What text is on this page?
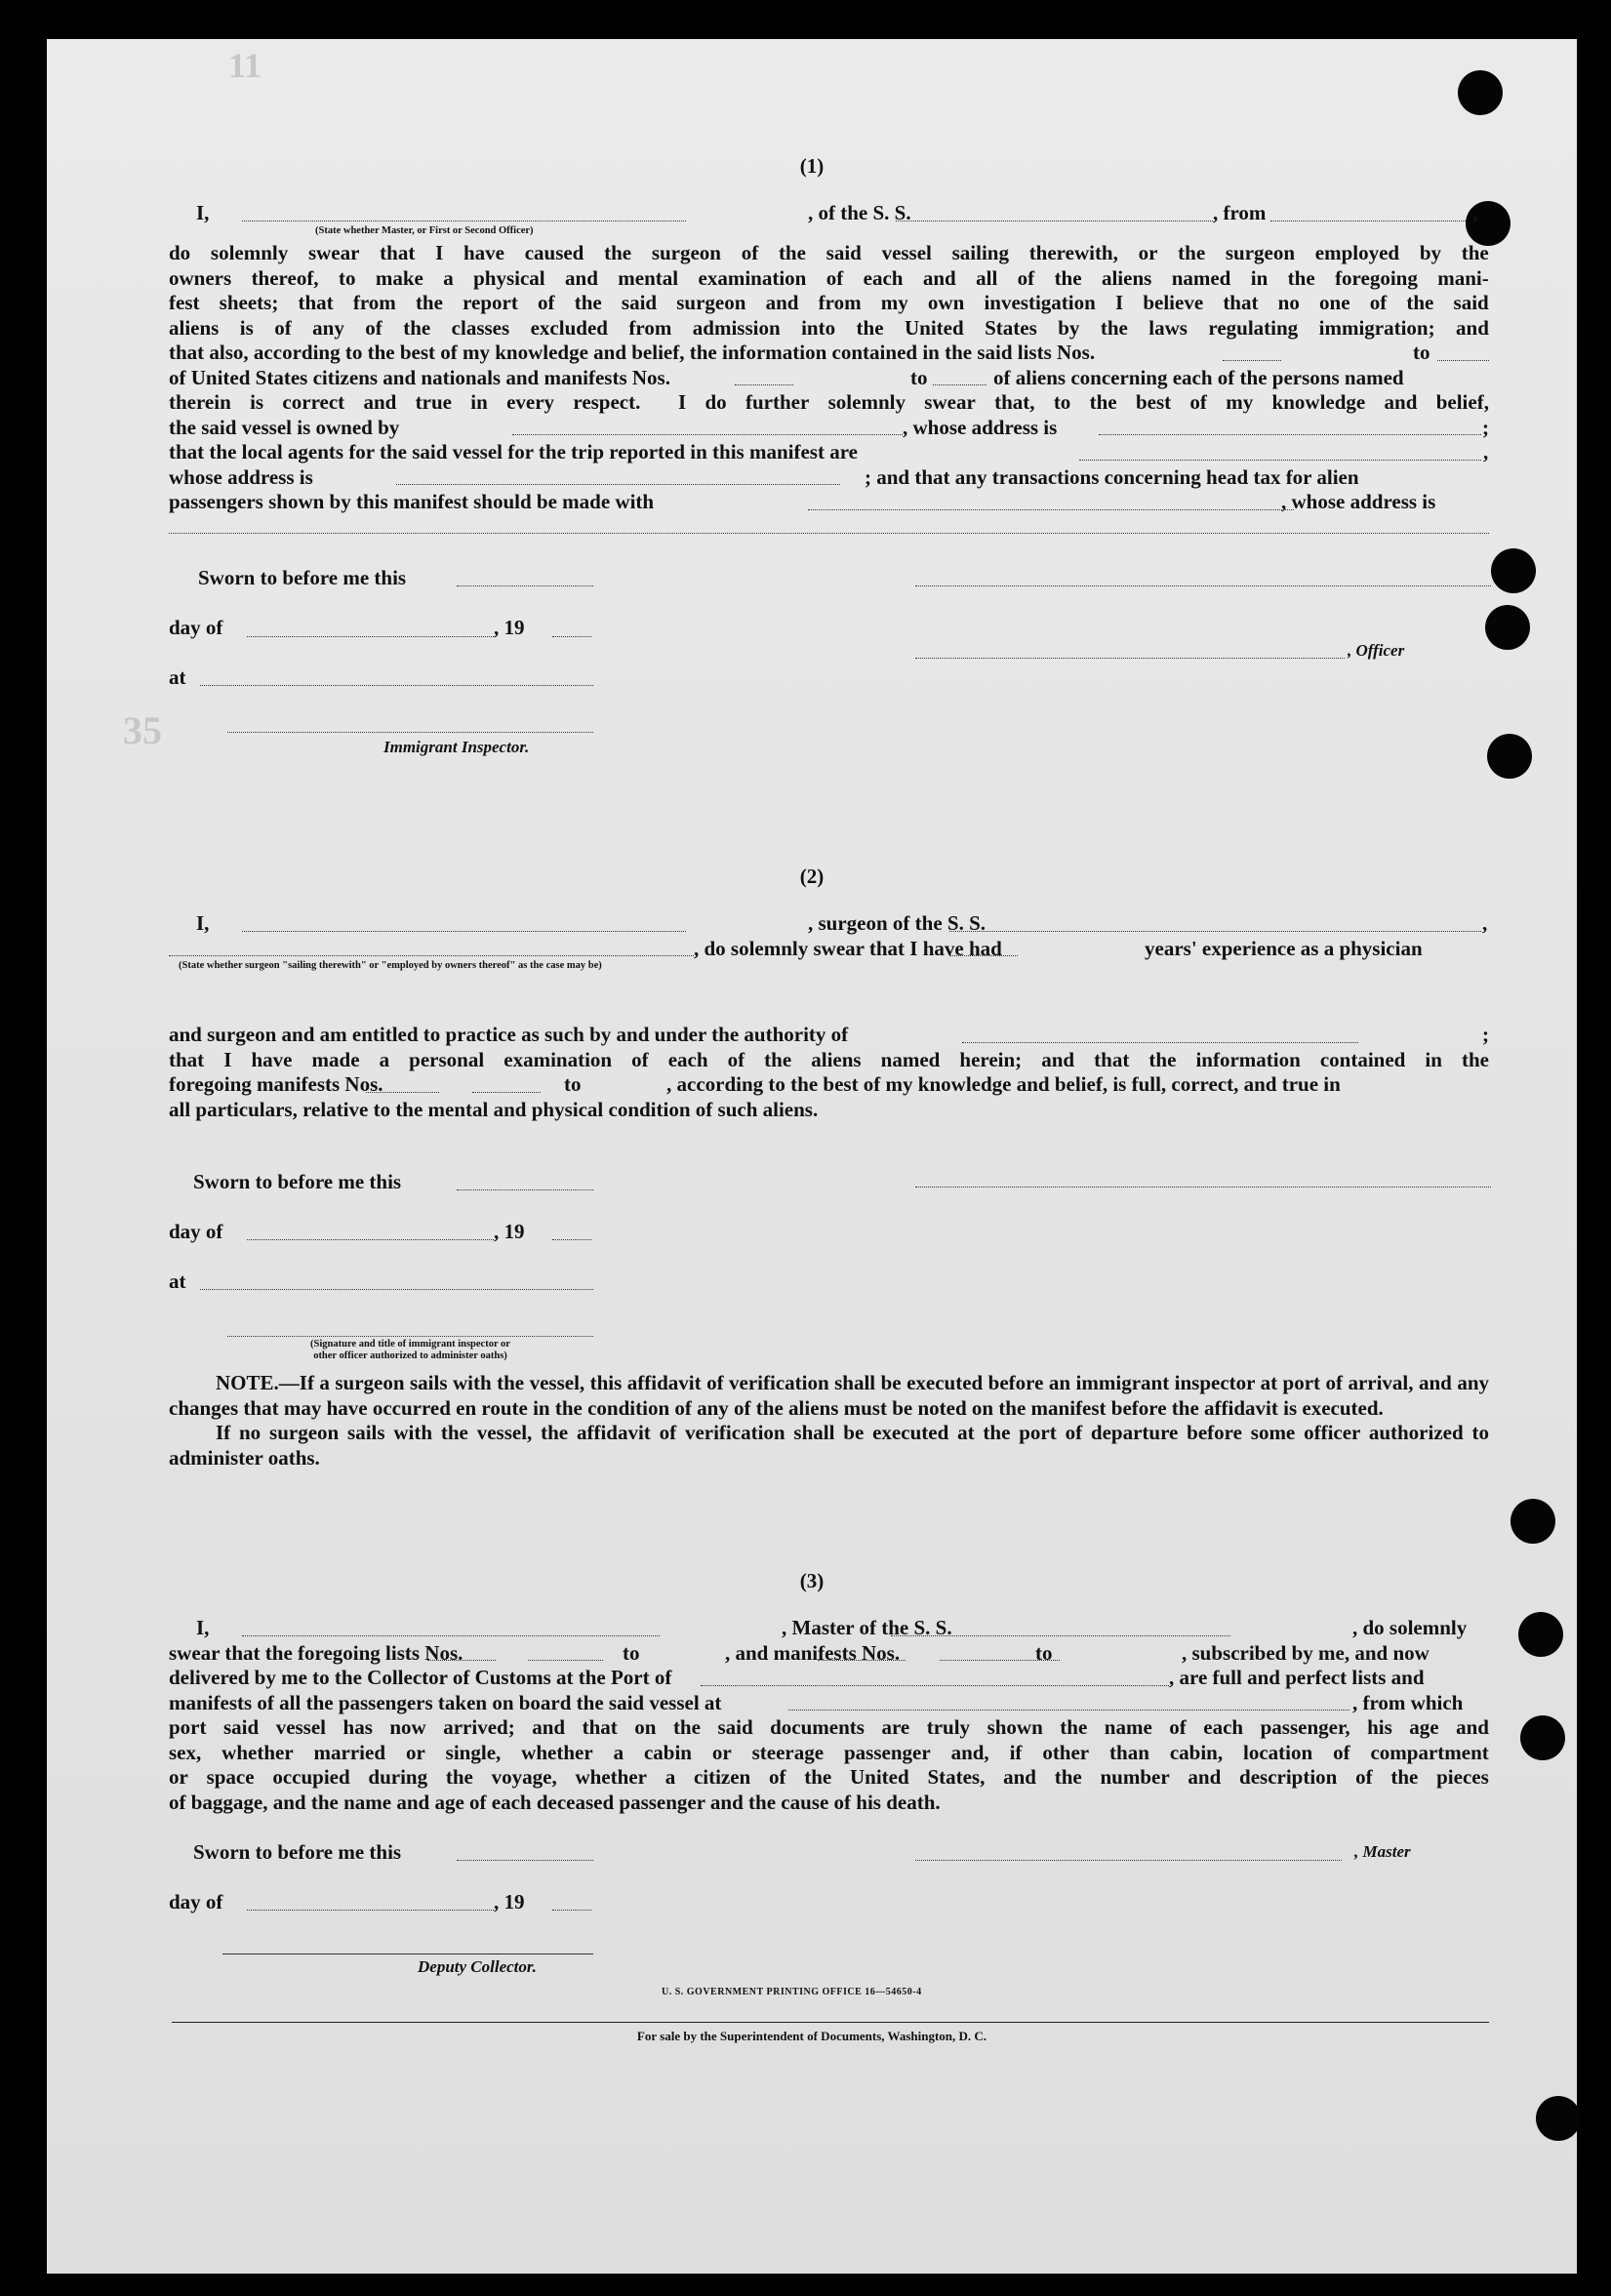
11
35
(1)
I,	, of the S. S.	, from	,
(State whether Master, or First or Second Officer)
do solemnly swear that I have caused the surgeon of the said vessel sailing therewith, or the surgeon employed by the
owners thereof, to make a physical and mental examination of each and all of the aliens named in the foregoing mani-
fest sheets; that from the report of the said surgeon and from my own investigation I believe that no one of the said
aliens is of any of the classes excluded from admission into the United States by the laws regulating immigration; and
that also, according to the best of my knowledge and belief, the information contained in the said lists Nos.	to
of United States citizens and nationals and manifests Nos.	to	of aliens concerning each of the persons named
therein is correct and true in every respect. I do further solemnly swear that, to the best of my knowledge and belief,
the said vessel is owned by	, whose address is	;
that the local agents for the said vessel for the trip reported in this manifest are	,
whose address is	; and that any transactions concerning head tax for alien
passengers shown by this manifest should be made with	, whose address is
Sworn to before me this
day of	, 19
, Officer
at
Immigrant Inspector.
(2)
I,	, surgeon of the S. S.	,
, do solemnly swear that I have had	years' experience as a physician
(State whether surgeon "sailing therewith" or "employed by owners thereof" as the case may be)
and surgeon and am entitled to practice as such by and under the authority of	;
that I have made a personal examination of each of the aliens named herein; and that the information contained in the
foregoing manifests Nos.	to	, according to the best of my knowledge and belief, is full, correct, and true in
all particulars, relative to the mental and physical condition of such aliens.
Sworn to before me this
day of	, 19
at
(Signature and title of immigrant inspector or
other officer authorized to administer oaths)
NOTE.—If a surgeon sails with the vessel, this affidavit of verification shall be executed before an immigrant inspector at port of arrival, and any changes that may have occurred en route in the condition of any of the aliens must be noted on the manifest before the affidavit is executed.
If no surgeon sails with the vessel, the affidavit of verification shall be executed at the port of departure before some officer authorized to administer oaths.
(3)
I,	, Master of the S. S.	, do solemnly
swear that the foregoing lists Nos.	to	, and manifests Nos.	to	, subscribed by me, and now
delivered by me to the Collector of Customs at the Port of	, are full and perfect lists and
manifests of all the passengers taken on board the said vessel at	, from which
port said vessel has now arrived; and that on the said documents are truly shown the name of each passenger, his age and
sex, whether married or single, whether a cabin or steerage passenger and, if other than cabin, location of compartment
or space occupied during the voyage, whether a citizen of the United States, and the number and description of the pieces
of baggage, and the name and age of each deceased passenger and the cause of his death.
Sworn to before me this	, Master
day of	, 19
Deputy Collector.
U. S. GOVERNMENT PRINTING OFFICE 16—54650-4
For sale by the Superintendent of Documents, Washington, D. C.
